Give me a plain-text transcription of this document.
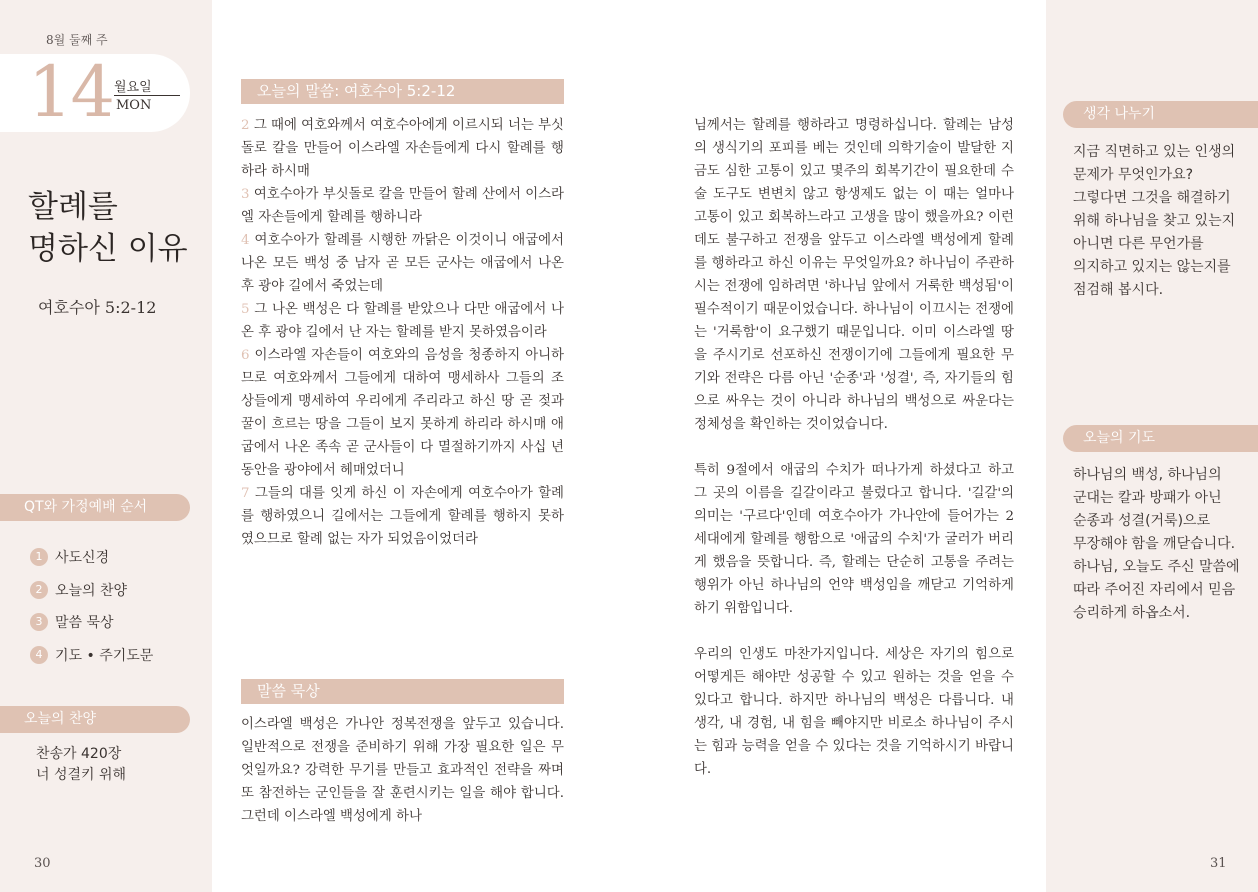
8월 둘째 주
14 월요일
MON
할례를
명하신 이유
여호수아 5:2-12
QT와 가정예배 순서
1 사도신경
2 오늘의 찬양
3 말씀 묵상
4 기도 • 주기도문
오늘의 찬양
찬송가 420장
너 성결키 위해
30
오늘의 말씀: 여호수아 5:2-12

2 그 때에 여호와께서 여호수아에게 이르시되 너는 부싯돌로 칼을 만들어 이스라엘 자손들에게 다시 할례를 행하라 하시매

3 여호수아가 부싯돌로 칼을 만들어 할례 산에서 이스라엘 자손들에게 할례를 행하니라

4 여호수아가 할례를 시행한 까닭은 이것이니 애굽에서 나온 모든 백성 중 남자 곧 모든 군사는 애굽에서 나온 후 광야 길에서 죽었는데

5 그 나온 백성은 다 할례를 받았으나 다만 애굽에서 나온 후 광야 길에서 난 자는 할례를 받지 못하였음이라

6 이스라엘 자손들이 여호와의 음성을 청종하지 아니하므로 여호와께서 그들에게 대하여 맹세하사 그들의 조상들에게 맹세하여 우리에게 주리라고 하신 땅 곧 젖과 꿀이 흐르는 땅을 그들이 보지 못하게 하리라 하시매 애굽에서 나온 족속 곧 군사들이 다 멸절하기까지 사십 년 동안을 광야에서 헤매었더니

7 그들의 대를 잇게 하신 이 자손에게 여호수아가 할례를 행하였으니 길에서는 그들에게 할례를 행하지 못하였으므로 할례 없는 자가 되었음이었더라

말씀 묵상

이스라엘 백성은 가나안 정복전쟁을 앞두고 있습니다. 일반적으로 전쟁을 준비하기 위해 가장 필요한 일은 무엇일까요? 강력한 무기를 만들고 효과적인 전략을 짜며 또 참전하는 군인들을 잘 훈련시키는 일을 해야 합니다. 그런데 이스라엘 백성에게 하나

님께서는 할례를 행하라고 명령하십니다. 할례는 남성의 생식기의 포피를 베는 것인데 의학기술이 발달한 지금도 심한 고통이 있고 몇주의 회복기간이 필요한데 수술 도구도 변변치 않고 항생제도 없는 이 때는 얼마나 고통이 있고 회복하느라고 고생을 많이 했을까요? 이런데도 불구하고 전쟁을 앞두고 이스라엘 백성에게 할례를 행하라고 하신 이유는 무엇일까요? 하나님이 주관하시는 전쟁에 임하려면 '하나님 앞에서 거룩한 백성됨'이 필수적이기 때문이었습니다. 하나님이 이끄시는 전쟁에는 '거룩함'이 요구했기 때문입니다. 이미 이스라엘 땅을 주시기로 선포하신 전쟁이기에 그들에게 필요한 무기와 전략은 다름 아닌 '순종'과 '성결', 즉, 자기들의 힘으로 싸우는 것이 아니라 하나님의 백성으로 싸운다는 정체성을 확인하는 것이었습니다.

특히 9절에서 애굽의 수치가 떠나가게 하셨다고 하고 그 곳의 이름을 길갈이라고 불렀다고 합니다. '길갈'의 의미는 '구르다'인데 여호수아가 가나안에 들어가는 2세대에게 할례를 행함으로 '애굽의 수치'가 굴러가 버리게 했음을 뜻합니다. 즉, 할례는 단순히 고통을 주려는 행위가 아닌 하나님의 언약 백성임을 깨닫고 기억하게 하기 위함입니다.

우리의 인생도 마찬가지입니다. 세상은 자기의 힘으로 어떻게든 해야만 성공할 수 있고 원하는 것을 얻을 수 있다고 합니다. 하지만 하나님의 백성은 다릅니다. 내 생각, 내 경험, 내 힘을 빼야지만 비로소 하나님이 주시는 힘과 능력을 얻을 수 있다는 것을 기억하시기 바랍니다.

생각 나누기
지금 직면하고 있는 인생의
문제가 무엇인가요?
그렇다면 그것을 해결하기
위해 하나님을 찾고 있는지
아니면 다른 무언가를
의지하고 있지는 않는지를
점검해 봅시다.
오늘의 기도
하나님의 백성, 하나님의
군대는 칼과 방패가 아닌
순종과 성결(거룩)으로
무장해야 함을 깨닫습니다.
하나님, 오늘도 주신 말씀에
따라 주어진 자리에서 믿음
승리하게 하옵소서.
31
